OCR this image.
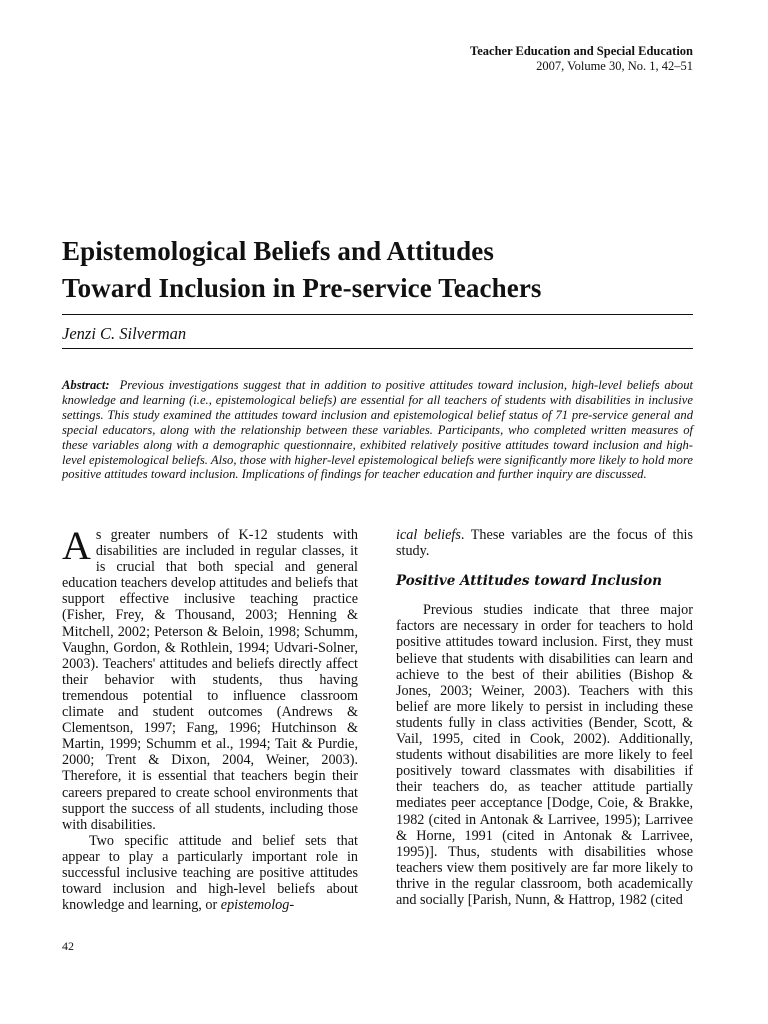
Teacher Education and Special Education
2007, Volume 30, No. 1, 42–51
Epistemological Beliefs and Attitudes
Toward Inclusion in Pre-service Teachers
Jenzi C. Silverman
Abstract: Previous investigations suggest that in addition to positive attitudes toward inclusion, high-level beliefs about knowledge and learning (i.e., epistemological beliefs) are essential for all teachers of students with disabilities in inclusive settings. This study examined the attitudes toward inclusion and epistemological belief status of 71 pre-service general and special educators, along with the relationship between these variables. Participants, who completed written measures of these variables along with a demographic questionnaire, exhibited relatively positive attitudes toward inclusion and high-level epistemological beliefs. Also, those with higher-level epistemological beliefs were significantly more likely to hold more positive attitudes toward inclusion. Implications of findings for teacher education and further inquiry are discussed.

As greater numbers of K-12 students with disabilities are included in regular classes, it is crucial that both special and general education teachers develop attitudes and beliefs that support effective inclusive teaching practice (Fisher, Frey, & Thousand, 2003; Henning & Mitchell, 2002; Peterson & Beloin, 1998; Schumm, Vaughn, Gordon, & Rothlein, 1994; Udvari-Solner, 2003). Teachers' attitudes and beliefs directly affect their behavior with students, thus having tremendous potential to influence classroom climate and student outcomes (Andrews & Clementson, 1997; Fang, 1996; Hutchinson & Martin, 1999; Schumm et al., 1994; Tait & Purdie, 2000; Trent & Dixon, 2004, Weiner, 2003). Therefore, it is essential that teachers begin their careers prepared to create school environments that support the success of all students, including those with disabilities.

Two specific attitude and belief sets that appear to play a particularly important role in successful inclusive teaching are positive attitudes toward inclusion and high-level beliefs about knowledge and learning, or epistemolog-

ical beliefs. These variables are the focus of this study.

Positive Attitudes toward Inclusion

Previous studies indicate that three major factors are necessary in order for teachers to hold positive attitudes toward inclusion. First, they must believe that students with disabilities can learn and achieve to the best of their abilities (Bishop & Jones, 2003; Weiner, 2003). Teachers with this belief are more likely to persist in including these students fully in class activities (Bender, Scott, & Vail, 1995, cited in Cook, 2002). Additionally, students without disabilities are more likely to feel positively toward classmates with disabilities if their teachers do, as teacher attitude partially mediates peer acceptance [Dodge, Coie, & Brakke, 1982 (cited in Antonak & Larrivee, 1995); Larrivee & Horne, 1991 (cited in Antonak & Larrivee, 1995)]. Thus, students with disabilities whose teachers view them positively are far more likely to thrive in the regular classroom, both academically and socially [Parish, Nunn, & Hattrop, 1982 (cited

42
